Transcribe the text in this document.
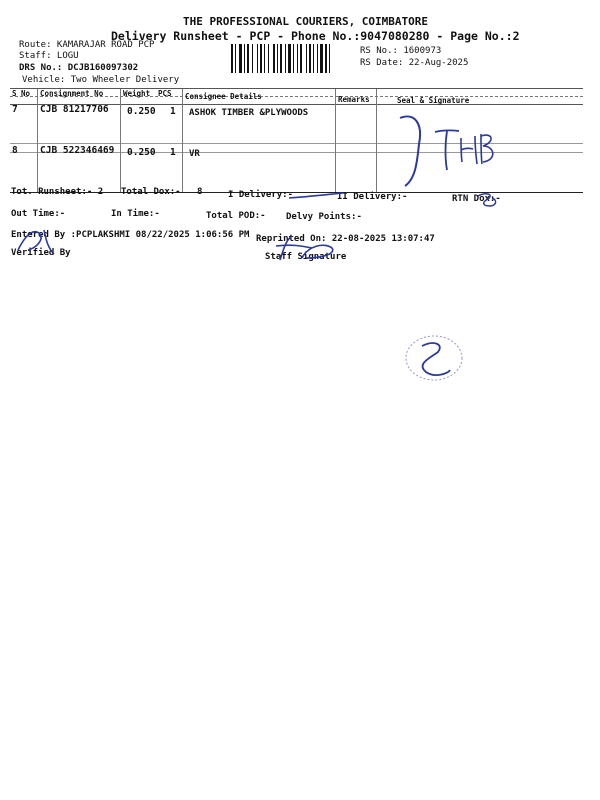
THE PROFESSIONAL COURIERS, COIMBATORE
Delivery Runsheet - PCP - Phone No.:9047080280 - Page No.:2
Route: KAMARAJAR ROAD PCP
Staff: LOGU
DRS No.: DCJB160097302
Vehicle: Two Wheeler Delivery
RS No.: 1600973
RS Date: 22-Aug-2025
S No Consignment No	Weight PCS Consignee Details	Remarks	Seal & Signature
7 CJB 81217706 0.250 1 ASHOK TIMBER &PLYWOODS
8 CJB 522346469 0.250 1 VR
Tot. Runsheet:- 2 Total Dox:- 8	I Delivery:-	II Delivery:-	RTN Dox:-
Out Time:-	In Time:-	Total POD:- Delvy Points:-
Entered By :PCPLAKSHMI 08/22/2025 1:06:56 PM Reprinted On: 22-08-2025 13:07:47
Verified By	Staff Signature
